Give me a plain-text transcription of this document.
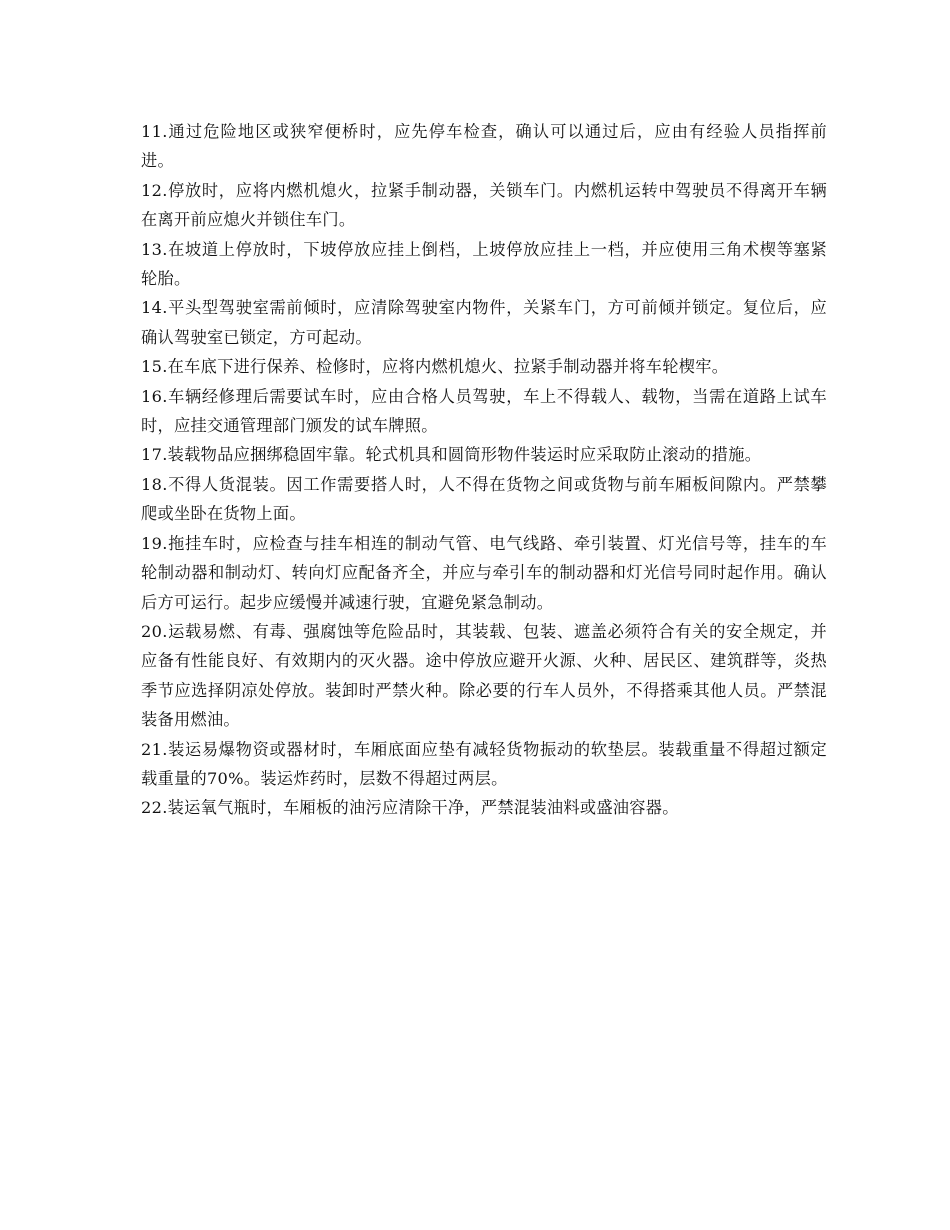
11.通过危险地区或狭窄便桥时，应先停车检查，确认可以通过后，应由有经验人员指挥前进。

12.停放时，应将内燃机熄火，拉紧手制动器，关锁车门。内燃机运转中驾驶员不得离开车辆在离开前应熄火并锁住车门。

13.在坡道上停放时，下坡停放应挂上倒档，上坡停放应挂上一档，并应使用三角术楔等塞紧轮胎。

14.平头型驾驶室需前倾时，应清除驾驶室内物件，关紧车门，方可前倾并锁定。复位后，应确认驾驶室已锁定，方可起动。

15.在车底下进行保养、检修时，应将内燃机熄火、拉紧手制动器并将车轮楔牢。

16.车辆经修理后需要试车时，应由合格人员驾驶，车上不得载人、载物，当需在道路上试车时，应挂交通管理部门颁发的试车牌照。

17.装载物品应捆绑稳固牢靠。轮式机具和圆筒形物件装运时应采取防止滚动的措施。

18.不得人货混装。因工作需要搭人时，人不得在货物之间或货物与前车厢板间隙内。严禁攀爬或坐卧在货物上面。

19.拖挂车时，应检查与挂车相连的制动气管、电气线路、牵引装置、灯光信号等，挂车的车轮制动器和制动灯、转向灯应配备齐全，并应与牵引车的制动器和灯光信号同时起作用。确认后方可运行。起步应缓慢并减速行驶，宜避免紧急制动。

20.运载易燃、有毒、强腐蚀等危险品时，其装载、包装、遮盖必须符合有关的安全规定，并应备有性能良好、有效期内的灭火器。途中停放应避开火源、火种、居民区、建筑群等，炎热季节应选择阴凉处停放。装卸时严禁火种。除必要的行车人员外，不得搭乘其他人员。严禁混装备用燃油。

21.装运易爆物资或器材时，车厢底面应垫有减轻货物振动的软垫层。装载重量不得超过额定载重量的70%。装运炸药时，层数不得超过两层。

22.装运氧气瓶时，车厢板的油污应清除干净，严禁混装油料或盛油容器。
